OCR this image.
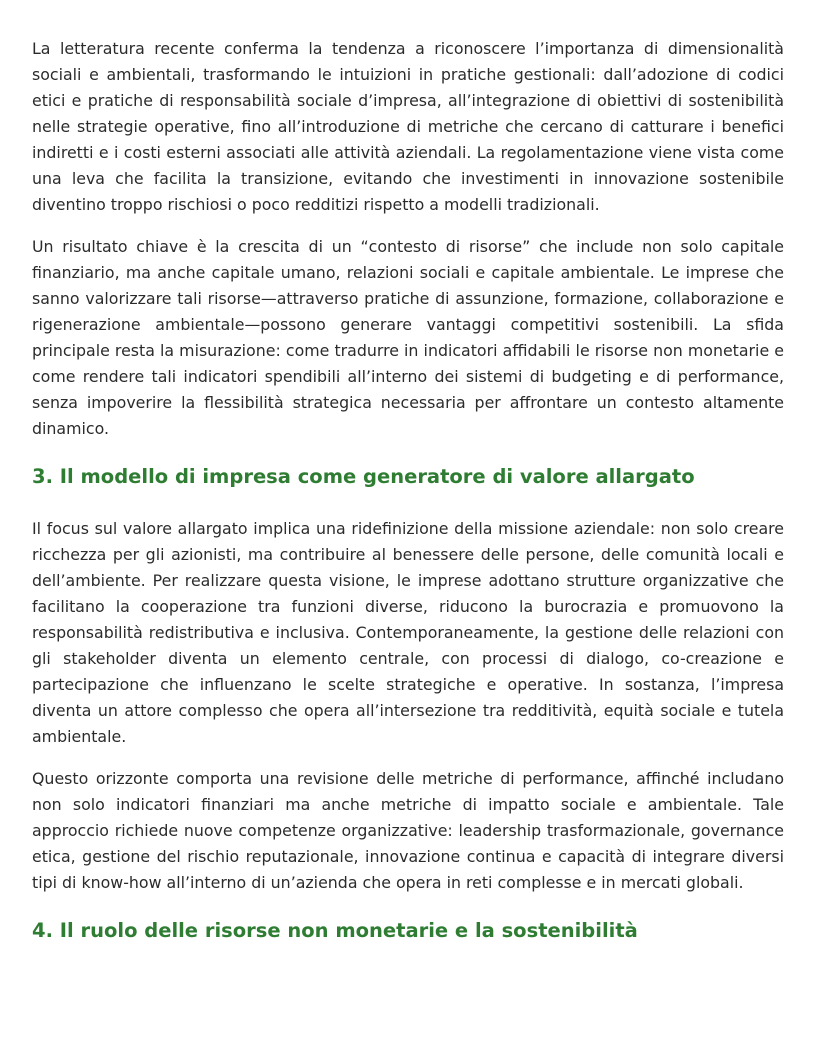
La letteratura recente conferma la tendenza a riconoscere l’importanza di dimensionalità sociali e ambientali, trasformando le intuizioni in pratiche gestionali: dall’adozione di codici etici e pratiche di responsabilità sociale d’impresa, all’integrazione di obiettivi di sostenibilità nelle strategie operative, fino all’introduzione di metriche che cercano di catturare i benefici indiretti e i costi esterni associati alle attività aziendali. La regolamentazione viene vista come una leva che facilita la transizione, evitando che investimenti in innovazione sostenibile diventino troppo rischiosi o poco redditizi rispetto a modelli tradizionali.

Un risultato chiave è la crescita di un “contesto di risorse” che include non solo capitale finanziario, ma anche capitale umano, relazioni sociali e capitale ambientale. Le imprese che sanno valorizzare tali risorse—attraverso pratiche di assunzione, formazione, collaborazione e rigenerazione ambientale—possono generare vantaggi competitivi sostenibili. La sfida principale resta la misurazione: come tradurre in indicatori affidabili le risorse non monetarie e come rendere tali indicatori spendibili all’interno dei sistemi di budgeting e di performance, senza impoverire la flessibilità strategica necessaria per affrontare un contesto altamente dinamico.

3. Il modello di impresa come generatore di valore allargato

Il focus sul valore allargato implica una ridefinizione della missione aziendale: non solo creare ricchezza per gli azionisti, ma contribuire al benessere delle persone, delle comunità locali e dell’ambiente. Per realizzare questa visione, le imprese adottano strutture organizzative che facilitano la cooperazione tra funzioni diverse, riducono la burocrazia e promuovono la responsabilità redistributiva e inclusiva. Contemporaneamente, la gestione delle relazioni con gli stakeholder diventa un elemento centrale, con processi di dialogo, co-creazione e partecipazione che influenzano le scelte strategiche e operative. In sostanza, l’impresa diventa un attore complesso che opera all’intersezione tra redditività, equità sociale e tutela ambientale.

Questo orizzonte comporta una revisione delle metriche di performance, affinché includano non solo indicatori finanziari ma anche metriche di impatto sociale e ambientale. Tale approccio richiede nuove competenze organizzative: leadership trasformazionale, governance etica, gestione del rischio reputazionale, innovazione continua e capacità di integrare diversi tipi di know-how all’interno di un’azienda che opera in reti complesse e in mercati globali.

4. Il ruolo delle risorse non monetarie e la sostenibilità
